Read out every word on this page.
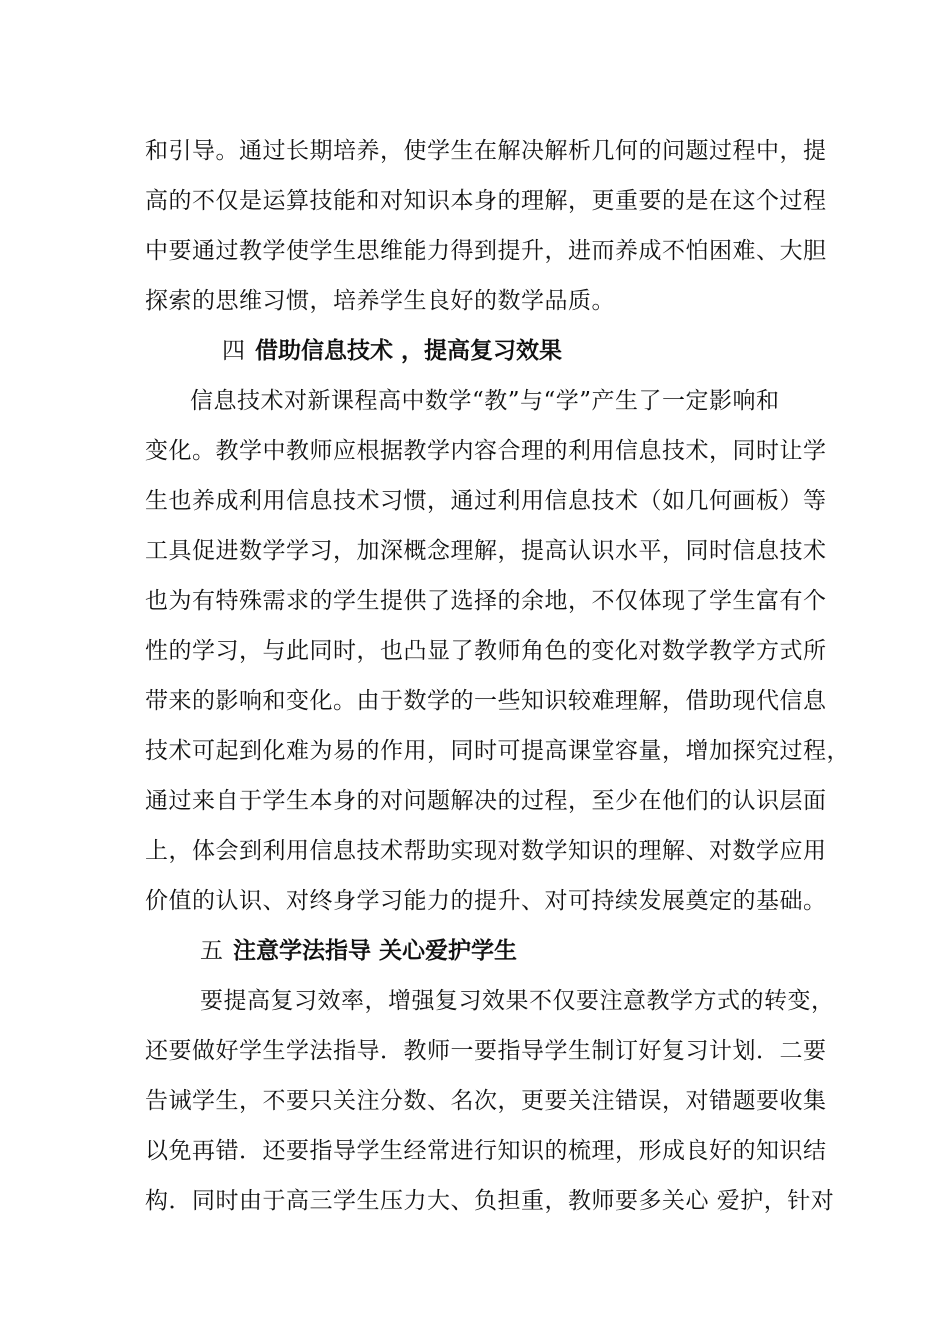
和引导。通过长期培养，使学生在解决解析几何的问题过程中，提
高的不仅是运算技能和对知识本身的理解，更重要的是在这个过程
中要通过教学使学生思维能力得到提升，进而养成不怕困难、大胆
探索的思维习惯，培养学生良好的数学品质。
四 借助信息技术 ，提高复习效果
信息技术对新课程高中数学“教”与“学”产生了一定影响和
变化。教学中教师应根据教学内容合理的利用信息技术，同时让学
生也养成利用信息技术习惯，通过利用信息技术（如几何画板）等
工具促进数学学习，加深概念理解，提高认识水平，同时信息技术
也为有特殊需求的学生提供了选择的余地，不仅体现了学生富有个
性的学习，与此同时，也凸显了教师角色的变化对数学教学方式所
带来的影响和变化。由于数学的一些知识较难理解，借助现代信息
技术可起到化难为易的作用，同时可提高课堂容量，增加探究过程，
通过来自于学生本身的对问题解决的过程，至少在他们的认识层面
上，体会到利用信息技术帮助实现对数学知识的理解、对数学应用
价值的认识、对终身学习能力的提升、对可持续发展奠定的基础。
五 注意学法指导 关心爱护学生
要提高复习效率，增强复习效果不仅要注意教学方式的转变，
还要做好学生学法指导．教师一要指导学生制订好复习计划．二要
告诫学生，不要只关注分数、名次，更要关注错误，对错题要收集
以免再错．还要指导学生经常进行知识的梳理，形成良好的知识结
构．同时由于高三学生压力大、负担重，教师要多关心 爱护，针对
